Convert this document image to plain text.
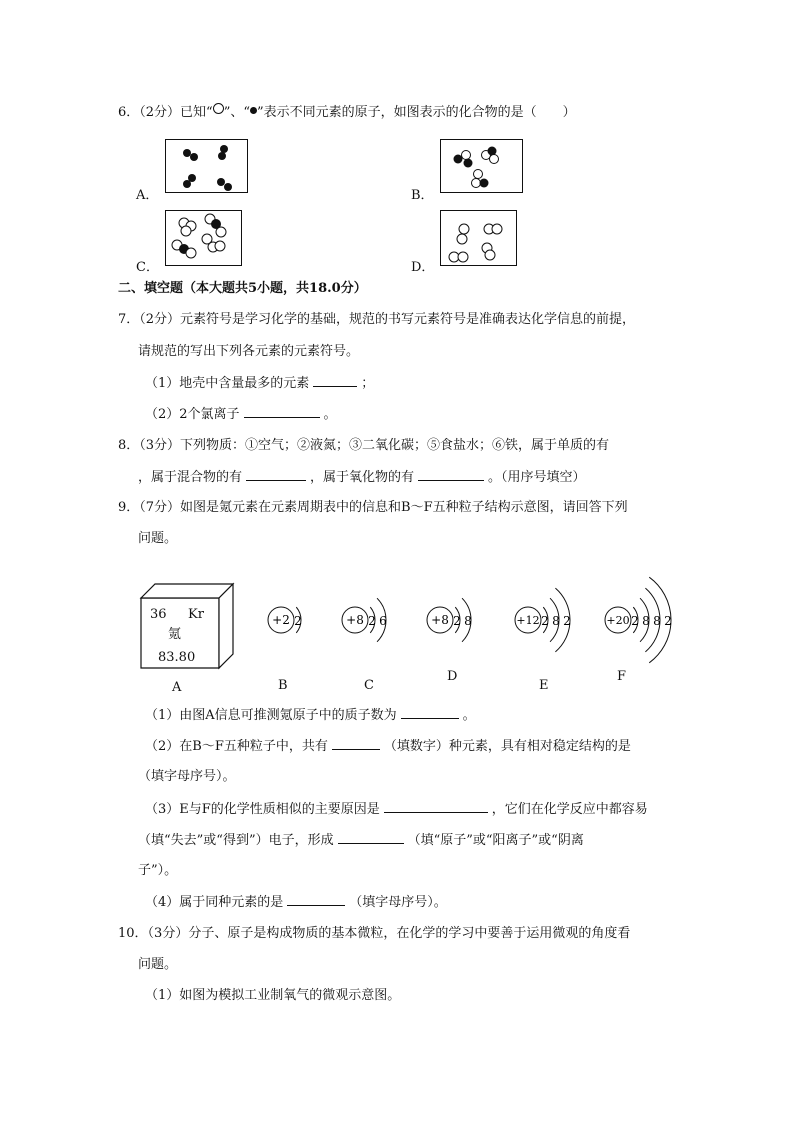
6．（2分）已知“ ”、“ ”表示不同元素的原子，如图表示的化合物的是（　　）
A．	B．
C．	D．
二、填空题（本大题共5小题，共18.0分）
7．（2分）元素符号是学习化学的基础，规范的书写元素符号是准确表达化学信息的前提，
请规范的写出下列各元素的元素符号。
（1）地壳中含量最多的元素	；
（2）2个氯离子	。
8．（3分）下列物质：①空气；②液氮；③二氧化碳；⑤食盐水；⑥铁，属于单质的有
，属于混合物的有	，属于氧化物的有	。（用序号填空）
9．（7分）如图是氪元素在元素周期表中的信息和B～F五种粒子结构示意图，请回答下列
问题。
36 Kr
氪
83.80
A
+2 2
B
+8 2 6
C
+8 2 8
D
+12 2 8 2
E
+20 2 8 8 2
F
（1）由图A信息可推测氪原子中的质子数为	。
（2）在B～F五种粒子中，共有	（填数字）种元素，具有相对稳定结构的是
（填字母序号）。
（3）E与F的化学性质相似的主要原因是	，它们在化学反应中都容易
（填“失去”或“得到”）电子，形成	（填“原子”或“阳离子”或“阴离
子”）。
（4）属于同种元素的是	（填字母序号）。
10．（3分）分子、原子是构成物质的基本微粒，在化学的学习中要善于运用微观的角度看
问题。
（1）如图为模拟工业制氧气的微观示意图。
